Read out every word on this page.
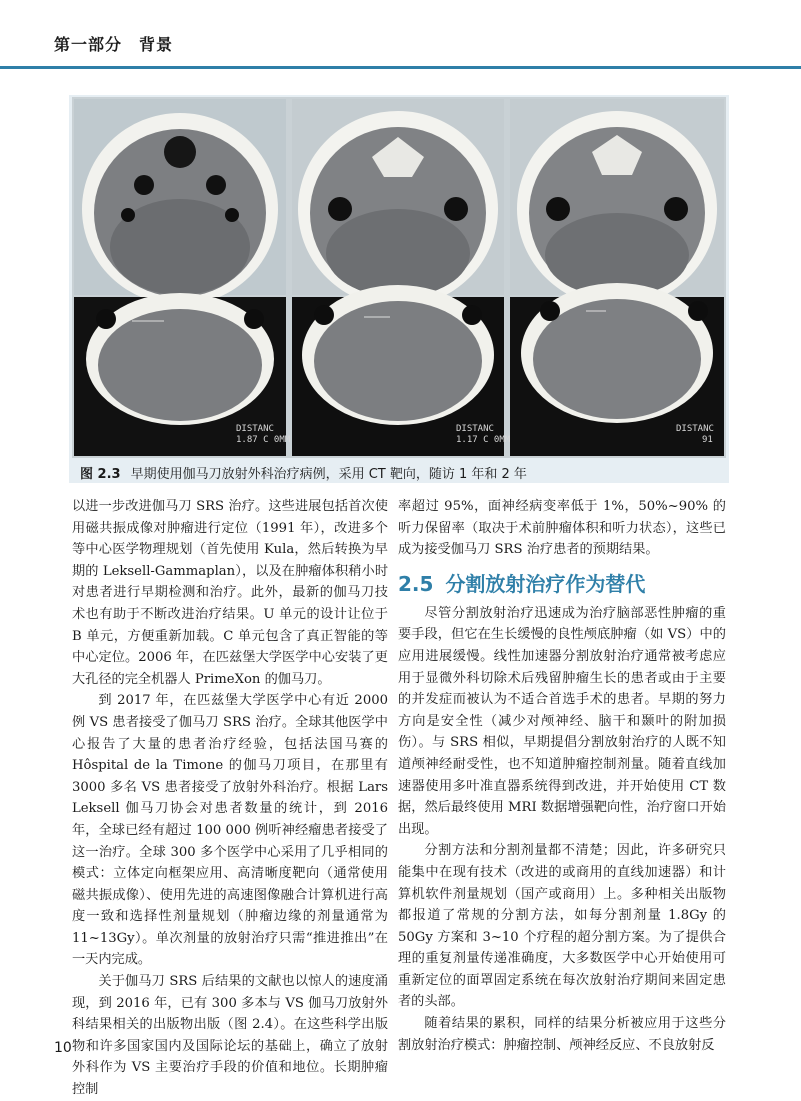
第一部分　背景
DISTANC
1.87 C 0MM
DISTANC
1.17 C 0MM
DISTANC
91
图 2.3 早期使用伽马刀放射外科治疗病例，采用 CT 靶向，随访 1 年和 2 年

以进一步改进伽马刀 SRS 治疗。这些进展包括首次使用磁共振成像对肿瘤进行定位（1991 年），改进多个等中心医学物理规划（首先使用 Kula，然后转换为早期的 Leksell-Gammaplan），以及在肿瘤体积稍小时对患者进行早期检测和治疗。此外，最新的伽马刀技术也有助于不断改进治疗结果。U 单元的设计让位于 B 单元，方便重新加载。C 单元包含了真正智能的等中心定位。2006 年，在匹兹堡大学医学中心安装了更大孔径的完全机器人 PrimeXon 的伽马刀。

到 2017 年，在匹兹堡大学医学中心有近 2000 例 VS 患者接受了伽马刀 SRS 治疗。全球其他医学中心报告了大量的患者治疗经验，包括法国马赛的 Hôspital de la Timone 的伽马刀项目，在那里有 3000 多名 VS 患者接受了放射外科治疗。根据 Lars Leksell 伽马刀协会对患者数量的统计，到 2016 年，全球已经有超过 100 000 例听神经瘤患者接受了这一治疗。全球 300 多个医学中心采用了几乎相同的模式：立体定向框架应用、高清晰度靶向（通常使用磁共振成像）、使用先进的高速图像融合计算机进行高度一致和选择性剂量规划（肿瘤边缘的剂量通常为 11~13Gy）。单次剂量的放射治疗只需“推进推出”在一天内完成。

关于伽马刀 SRS 后结果的文献也以惊人的速度涌现，到 2016 年，已有 300 多本与 VS 伽马刀放射外科结果相关的出版物出版（图 2.4）。在这些科学出版物和许多国家国内及国际论坛的基础上，确立了放射外科作为 VS 主要治疗手段的价值和地位。长期肿瘤控制

率超过 95%，面神经病变率低于 1%，50%~90% 的听力保留率（取决于术前肿瘤体积和听力状态），这些已成为接受伽马刀 SRS 治疗患者的预期结果。

2.5 分割放射治疗作为替代

尽管分割放射治疗迅速成为治疗脑部恶性肿瘤的重要手段，但它在生长缓慢的良性颅底肿瘤（如 VS）中的应用进展缓慢。线性加速器分割放射治疗通常被考虑应用于显微外科切除术后残留肿瘤生长的患者或由于主要的并发症而被认为不适合首选手术的患者。早期的努力方向是安全性（减少对颅神经、脑干和颞叶的附加损伤）。与 SRS 相似，早期提倡分割放射治疗的人既不知道颅神经耐受性，也不知道肿瘤控制剂量。随着直线加速器使用多叶准直器系统得到改进，并开始使用 CT 数据，然后最终使用 MRI 数据增强靶向性，治疗窗口开始出现。

分割方法和分割剂量都不清楚；因此，许多研究只能集中在现有技术（改进的或商用的直线加速器）和计算机软件剂量规划（国产或商用）上。多种相关出版物都报道了常规的分割方法，如每分割剂量 1.8Gy 的 50Gy 方案和 3~10 个疗程的超分割方案。为了提供合理的重复剂量传递准确度，大多数医学中心开始使用可重新定位的面罩固定系统在每次放射治疗期间来固定患者的头部。

随着结果的累积，同样的结果分析被应用于这些分割放射治疗模式：肿瘤控制、颅神经反应、不良放射反

10
